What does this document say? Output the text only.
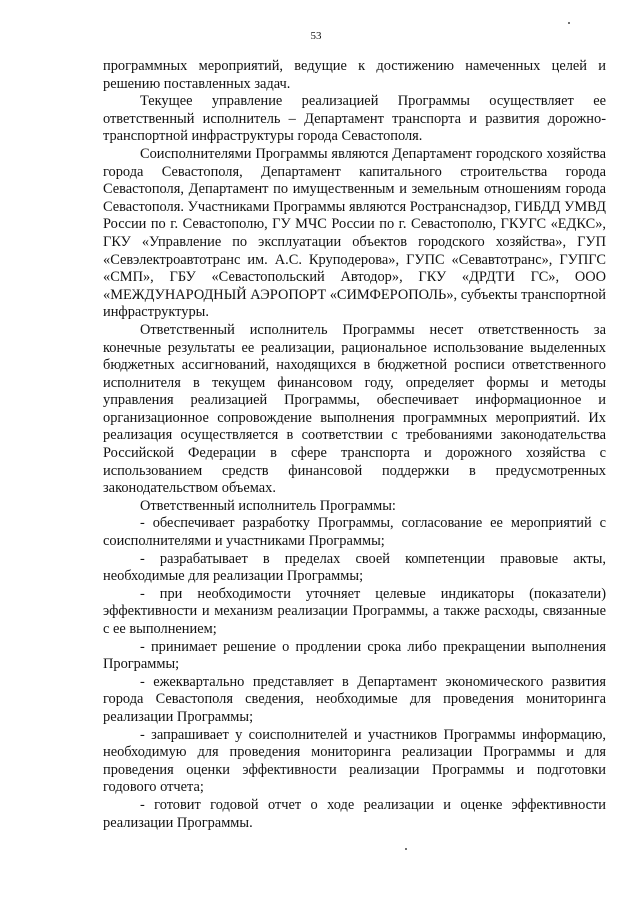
53

программных мероприятий, ведущие к достижению намеченных целей и решению поставленных задач.

Текущее управление реализацией Программы осуществляет ее ответственный исполнитель – Департамент транспорта и развития дорожно-транспортной инфраструктуры города Севастополя.

Соисполнителями Программы являются Департамент городского хозяйства города Севастополя, Департамент капитального строительства города Севастополя, Департамент по имущественным и земельным отношениям города Севастополя. Участниками Программы являются Ространснадзор, ГИБДД УМВД России по г. Севастополю, ГУ МЧС России по г. Севастополю, ГКУГС «ЕДКС», ГКУ «Управление по эксплуатации объектов городского хозяйства», ГУП «Севэлектроавтотранс им. А.С. Круподерова», ГУПС «Севавтотранс», ГУПГС «СМП», ГБУ «Севастопольский Автодор», ГКУ «ДРДТИ ГС», ООО «МЕЖДУНАРОДНЫЙ АЭРОПОРТ «СИМФЕРОПОЛЬ», субъекты транспортной инфраструктуры.

Ответственный исполнитель Программы несет ответственность за конечные результаты ее реализации, рациональное использование выделенных бюджетных ассигнований, находящихся в бюджетной росписи ответственного исполнителя в текущем финансовом году, определяет формы и методы управления реализацией Программы, обеспечивает информационное и организационное сопровождение выполнения программных мероприятий. Их реализация осуществляется в соответствии с требованиями законодательства Российской Федерации в сфере транспорта и дорожного хозяйства с использованием средств финансовой поддержки в предусмотренных законодательством объемах.

Ответственный исполнитель Программы:

- обеспечивает разработку Программы, согласование ее мероприятий с соисполнителями и участниками Программы;

- разрабатывает в пределах своей компетенции правовые акты, необходимые для реализации Программы;

- при необходимости уточняет целевые индикаторы (показатели) эффективности и механизм реализации Программы, а также расходы, связанные с ее выполнением;

- принимает решение о продлении срока либо прекращении выполнения Программы;

- ежеквартально представляет в Департамент экономического развития города Севастополя сведения, необходимые для проведения мониторинга реализации Программы;

- запрашивает у соисполнителей и участников Программы информацию, необходимую для проведения мониторинга реализации Программы и для проведения оценки эффективности реализации Программы и подготовки годового отчета;

- готовит годовой отчет о ходе реализации и оценке эффективности реализации Программы.
